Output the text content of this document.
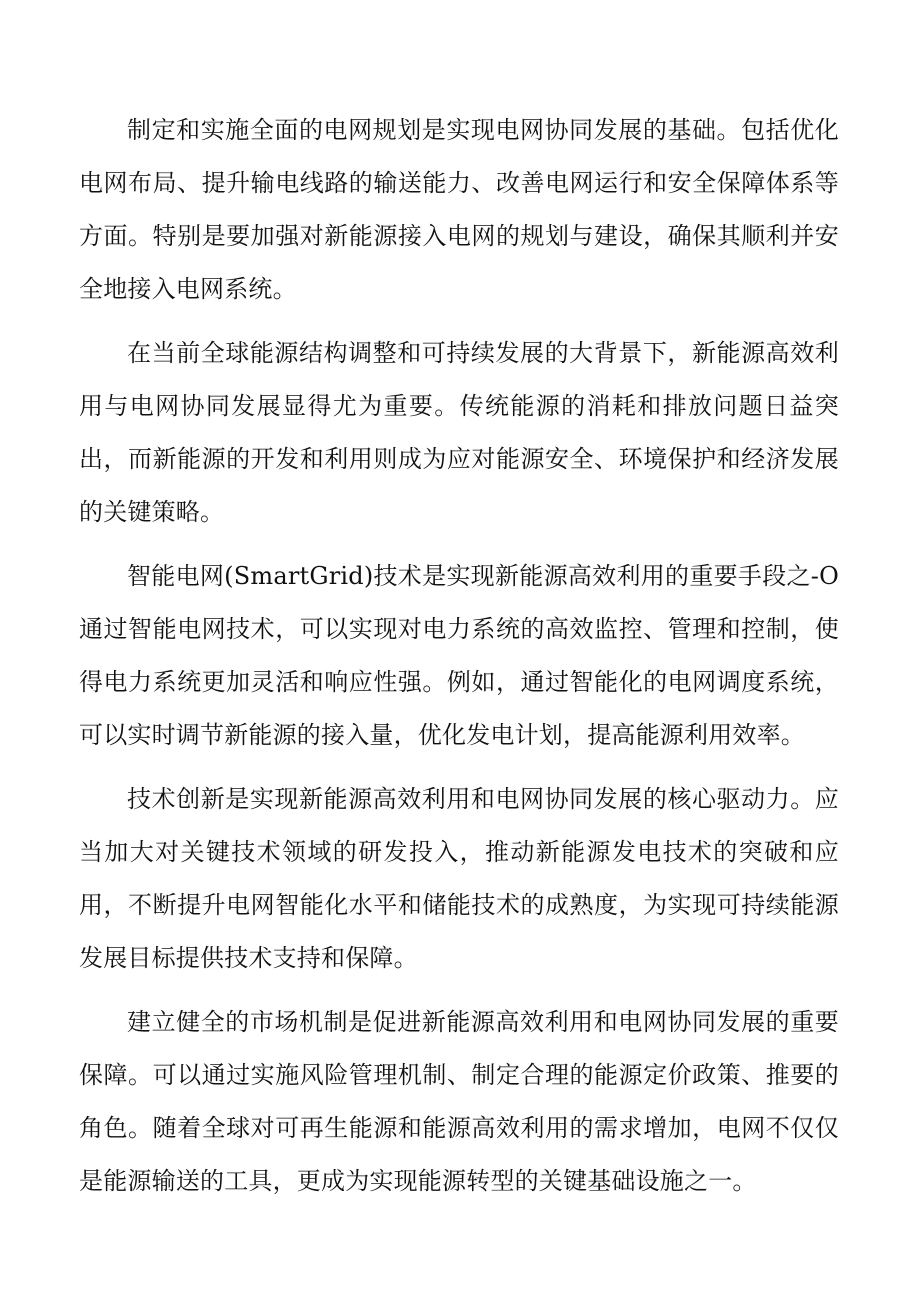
制定和实施全面的电网规划是实现电网协同发展的基础。包括优化电网布局、提升输电线路的输送能力、改善电网运行和安全保障体系等方面。特别是要加强对新能源接入电网的规划与建设，确保其顺利并安全地接入电网系统。

在当前全球能源结构调整和可持续发展的大背景下，新能源高效利用与电网协同发展显得尤为重要。传统能源的消耗和排放问题日益突出，而新能源的开发和利用则成为应对能源安全、环境保护和经济发展的关键策略。

智能电网(SmartGrid)技术是实现新能源高效利用的重要手段之-O通过智能电网技术，可以实现对电力系统的高效监控、管理和控制，使得电力系统更加灵活和响应性强。例如，通过智能化的电网调度系统，可以实时调节新能源的接入量，优化发电计划，提高能源利用效率。

技术创新是实现新能源高效利用和电网协同发展的核心驱动力。应当加大对关键技术领域的研发投入，推动新能源发电技术的突破和应用，不断提升电网智能化水平和储能技术的成熟度，为实现可持续能源发展目标提供技术支持和保障。

建立健全的市场机制是促进新能源高效利用和电网协同发展的重要保障。可以通过实施风险管理机制、制定合理的能源定价政策、推要的角色。随着全球对可再生能源和能源高效利用的需求增加，电网不仅仅是能源输送的工具，更成为实现能源转型的关键基础设施之一。
